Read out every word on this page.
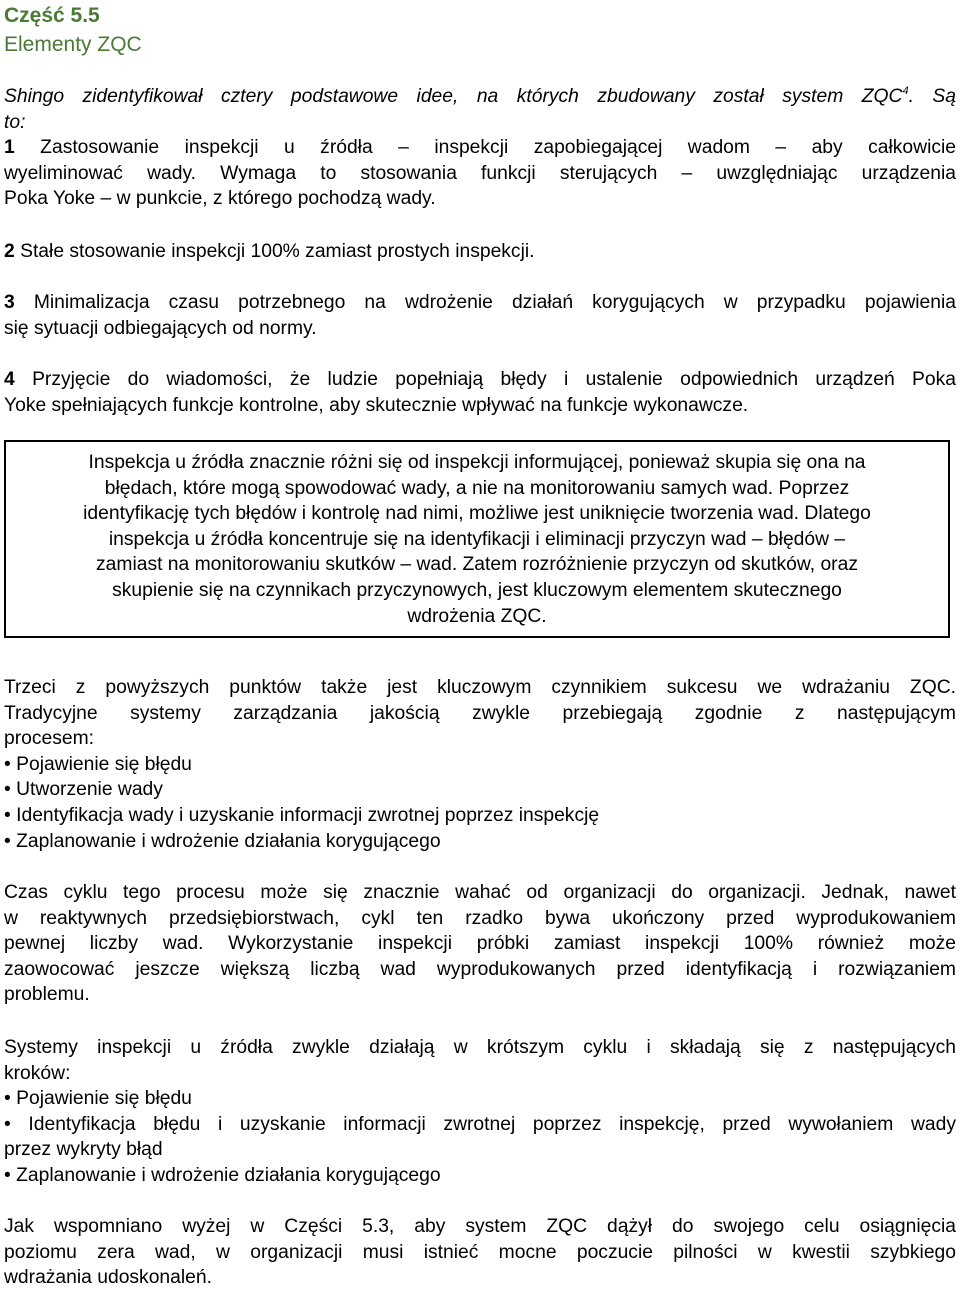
Część 5.5
Elementy ZQC
Shingo zidentyfikował cztery podstawowe idee, na których zbudowany został system ZQC$^4$. Są
to:
1 Zastosowanie inspekcji u źródła – inspekcji zapobiegającej wadom – aby całkowicie
wyeliminować wady. Wymaga to stosowania funkcji sterujących – uwzględniając urządzenia
Poka Yoke – w punkcie, z którego pochodzą wady.
2 Stałe stosowanie inspekcji 100% zamiast prostych inspekcji.
3 Minimalizacja czasu potrzebnego na wdrożenie działań korygujących w przypadku pojawienia
się sytuacji odbiegających od normy.
4 Przyjęcie do wiadomości, że ludzie popełniają błędy i ustalenie odpowiednich urządzeń Poka
Yoke spełniających funkcje kontrolne, aby skutecznie wpływać na funkcje wykonawcze.
Inspekcja u źródła znacznie różni się od inspekcji informującej, ponieważ skupia się ona na
błędach, które mogą spowodować wady, a nie na monitorowaniu samych wad. Poprzez
identyfikację tych błędów i kontrolę nad nimi, możliwe jest uniknięcie tworzenia wad. Dlatego
inspekcja u źródła koncentruje się na identyfikacji i eliminacji przyczyn wad – błędów –
zamiast na monitorowaniu skutków – wad. Zatem rozróżnienie przyczyn od skutków, oraz
skupienie się na czynnikach przyczynowych, jest kluczowym elementem skutecznego
wdrożenia ZQC.
Trzeci z powyższych punktów także jest kluczowym czynnikiem sukcesu we wdrażaniu ZQC.
Tradycyjne systemy zarządzania jakością zwykle przebiegają zgodnie z następującym
procesem:
• Pojawienie się błędu
• Utworzenie wady
• Identyfikacja wady i uzyskanie informacji zwrotnej poprzez inspekcję
• Zaplanowanie i wdrożenie działania korygującego
Czas cyklu tego procesu może się znacznie wahać od organizacji do organizacji. Jednak, nawet
w reaktywnych przedsiębiorstwach, cykl ten rzadko bywa ukończony przed wyprodukowaniem
pewnej liczby wad. Wykorzystanie inspekcji próbki zamiast inspekcji 100% również może
zaowocować jeszcze większą liczbą wad wyprodukowanych przed identyfikacją i rozwiązaniem
problemu.
Systemy inspekcji u źródła zwykle działają w krótszym cyklu i składają się z następujących
kroków:
• Pojawienie się błędu
• Identyfikacja błędu i uzyskanie informacji zwrotnej poprzez inspekcję, przed wywołaniem wady
przez wykryty błąd
• Zaplanowanie i wdrożenie działania korygującego
Jak wspomniano wyżej w Części 5.3, aby system ZQC dążył do swojego celu osiągnięcia
poziomu zera wad, w organizacji musi istnieć mocne poczucie pilności w kwestii szybkiego
wdrażania udoskonaleń.
